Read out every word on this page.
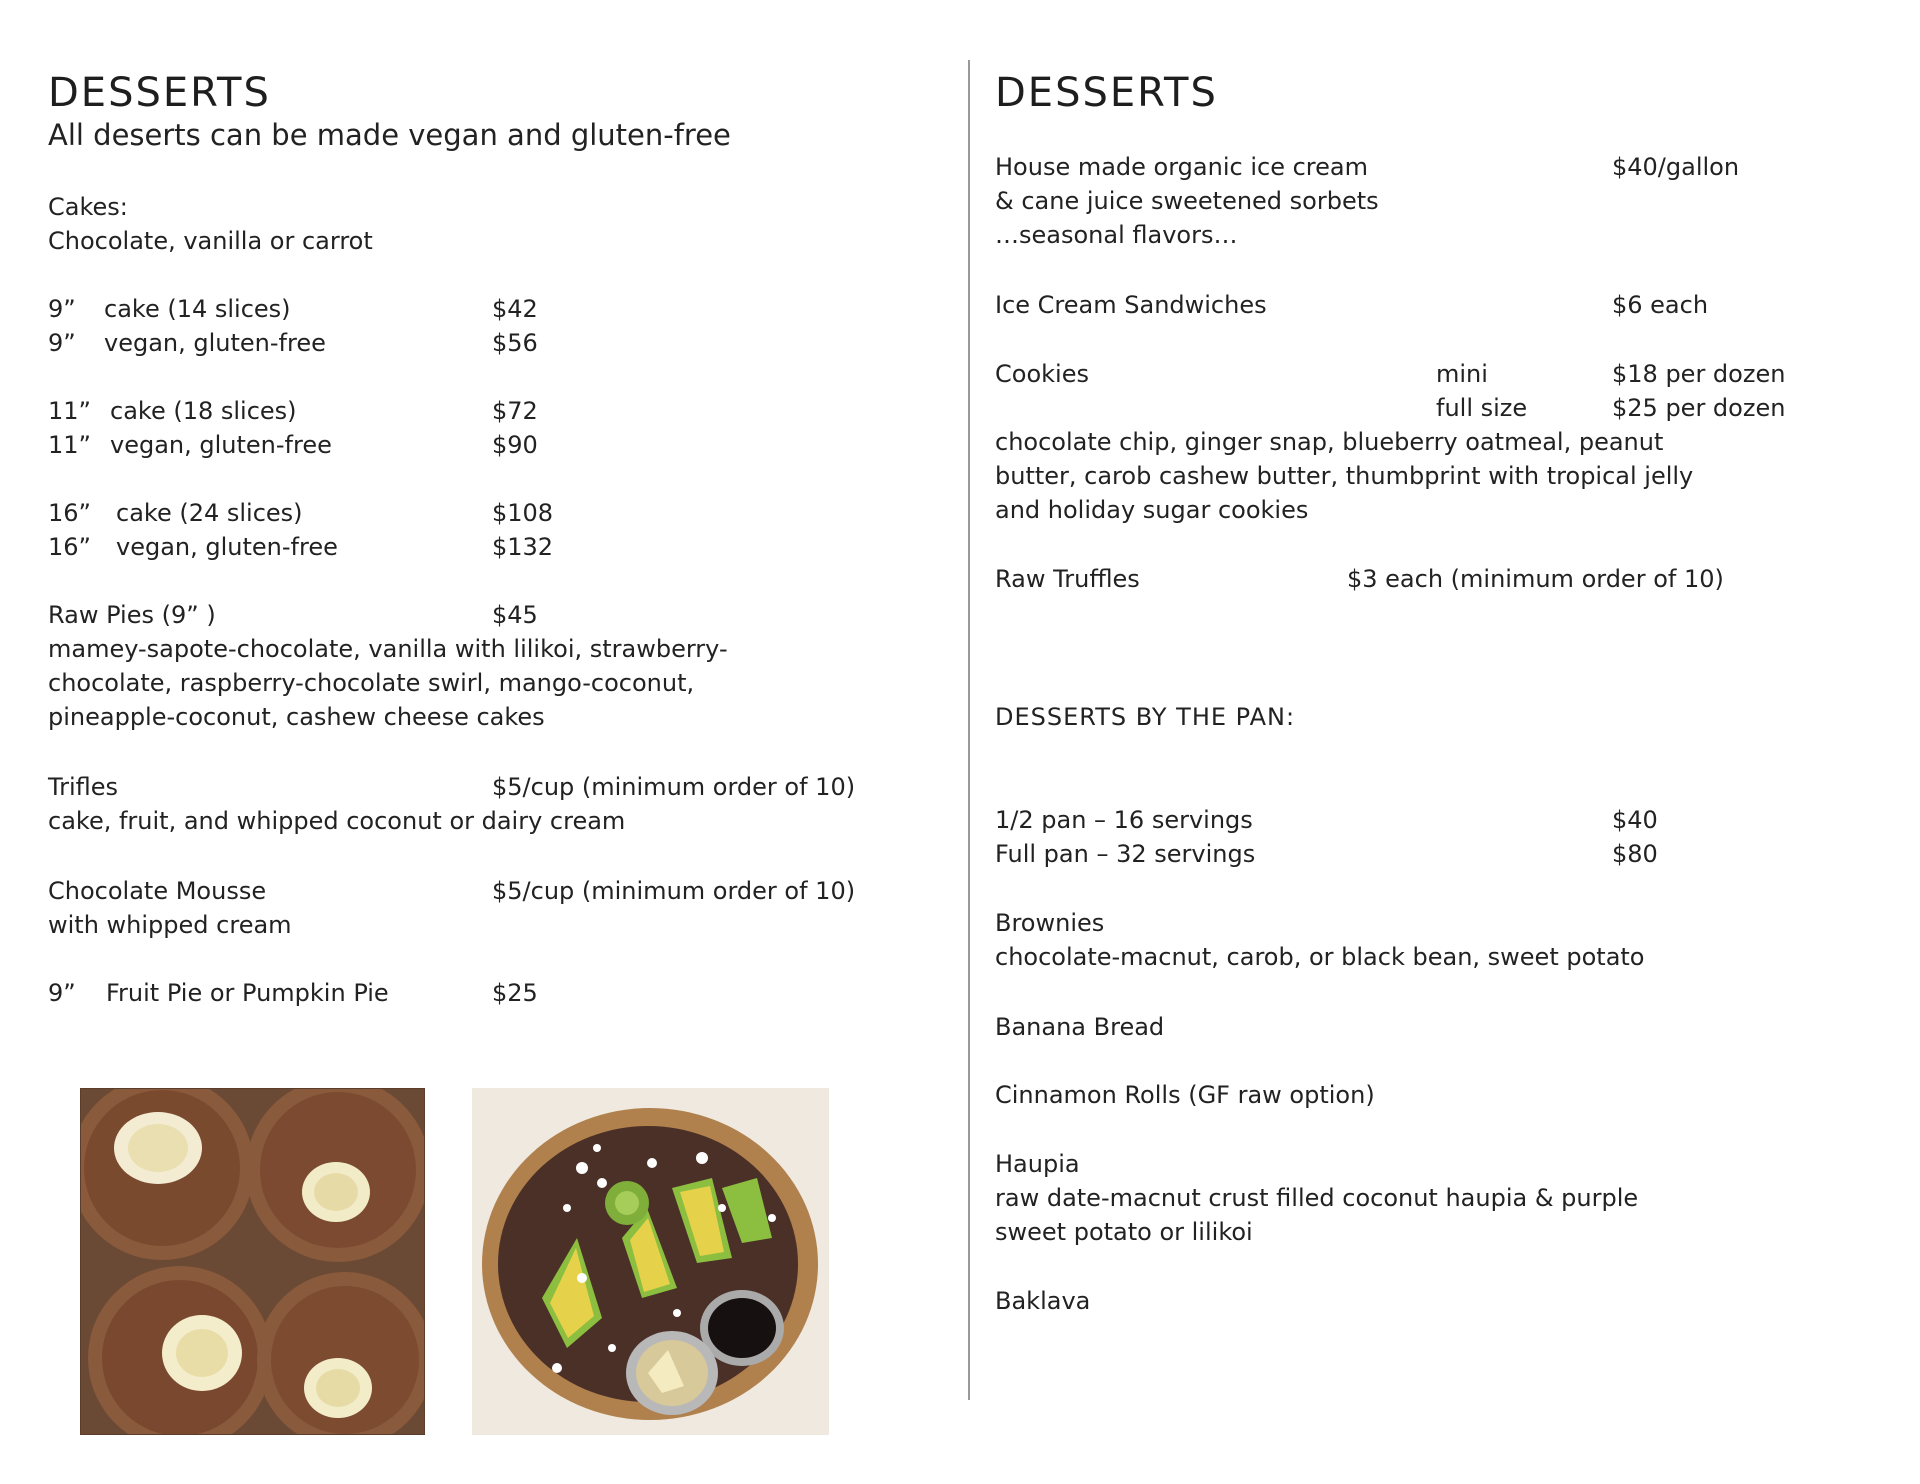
DESSERTS
All deserts can be made vegan and gluten-free
Cakes:
Chocolate, vanilla or carrot
9” cake (14 slices)	$42
9” vegan, gluten-free	$56
11” cake (18 slices)	$72
11” vegan, gluten-free	$90
16” cake (24 slices)	$108
16” vegan, gluten-free	$132
Raw Pies (9” )	$45
mamey-sapote-chocolate, vanilla with lilikoi, strawberry-
chocolate, raspberry-chocolate swirl, mango-coconut,
pineapple-coconut, cashew cheese cakes
Trifles	$5/cup (minimum order of 10)
cake, fruit, and whipped coconut or dairy cream
Chocolate Mousse	$5/cup (minimum order of 10)
with whipped cream
9” Fruit Pie or Pumpkin Pie	$25
DESSERTS
House made organic ice cream	$40/gallon
& cane juice sweetened sorbets
…seasonal flavors…
Ice Cream Sandwiches	$6 each
Cookies	mini	$18 per dozen
full size	$25 per dozen
chocolate chip, ginger snap, blueberry oatmeal, peanut
butter, carob cashew butter, thumbprint with tropical jelly
and holiday sugar cookies
Raw Truffles	$3 each (minimum order of 10)
DESSERTS BY THE PAN:
1/2 pan – 16 servings	$40
Full pan – 32 servings	$80
Brownies
chocolate-macnut, carob, or black bean, sweet potato
Banana Bread
Cinnamon Rolls (GF raw option)
Haupia
raw date-macnut crust filled coconut haupia & purple
sweet potato or lilikoi
Baklava
